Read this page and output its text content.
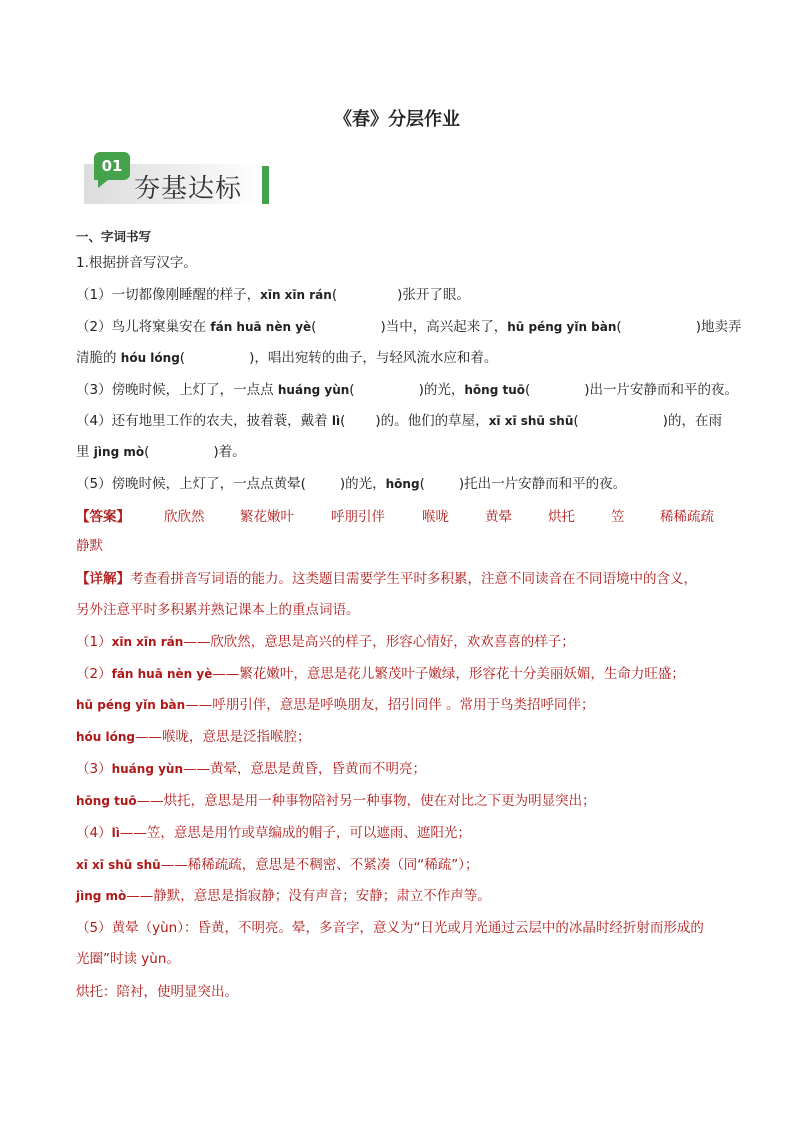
《春》分层作业
01
夯基达标
一、字词书写
1.根据拼音写汉字。
（1）一切都像刚睡醒的样子，xīn xīn rán(	)张开了眼。
（2）鸟儿将窠巢安在 fán huā nèn yè(	)当中，高兴起来了，hū péng yǐn bàn(	)地卖弄
清脆的 hóu lóng(	)，唱出宛转的曲子，与轻风流水应和着。
（3）傍晚时候，上灯了，一点点 huáng yùn(	)的光，hōng tuō(	)出一片安静而和平的夜。
（4）还有地里工作的农夫，披着蓑，戴着 lì( )的。他们的草屋，xī xī shū shū(	)的，在雨
里 jìng mò(	)着。
（5）傍晚时候，上灯了，一点点黄晕(	)的光，hōng(	)托出一片安静而和平的夜。
【答案】	欣欣然	繁花嫩叶	呼朋引伴	喉咙	黄晕	烘托	笠	稀稀疏疏
静默
【详解】考查看拼音写词语的能力。这类题目需要学生平时多积累，注意不同读音在不同语境中的含义，
另外注意平时多积累并熟记课本上的重点词语。
（1）xīn xīn rán——欣欣然，意思是高兴的样子，形容心情好，欢欢喜喜的样子；
（2）fán huā nèn yè——繁花嫩叶，意思是花儿繁茂叶子嫩绿，形容花十分美丽妖媚，生命力旺盛；
hū péng yǐn bàn——呼朋引伴，意思是呼唤朋友，招引同伴 。常用于鸟类招呼同伴；
hóu lóng——喉咙，意思是泛指喉腔；
（3）huáng yùn——黄晕，意思是黄昏，昏黄而不明亮；
hōng tuō——烘托，意思是用一种事物陪衬另一种事物，使在对比之下更为明显突出；
（4）lì——笠，意思是用竹或草编成的帽子，可以遮雨、遮阳光；
xī xī shū shū——稀稀疏疏，意思是不稠密、不紧凑（同“稀疏”）；
jìng mò——静默，意思是指寂静；没有声音；安静；肃立不作声等。
（5）黄晕（yùn）：昏黄，不明亮。晕，多音字，意义为“日光或月光通过云层中的冰晶时经折射而形成的
光圈”时读 yùn。
烘托：陪衬，使明显突出。
